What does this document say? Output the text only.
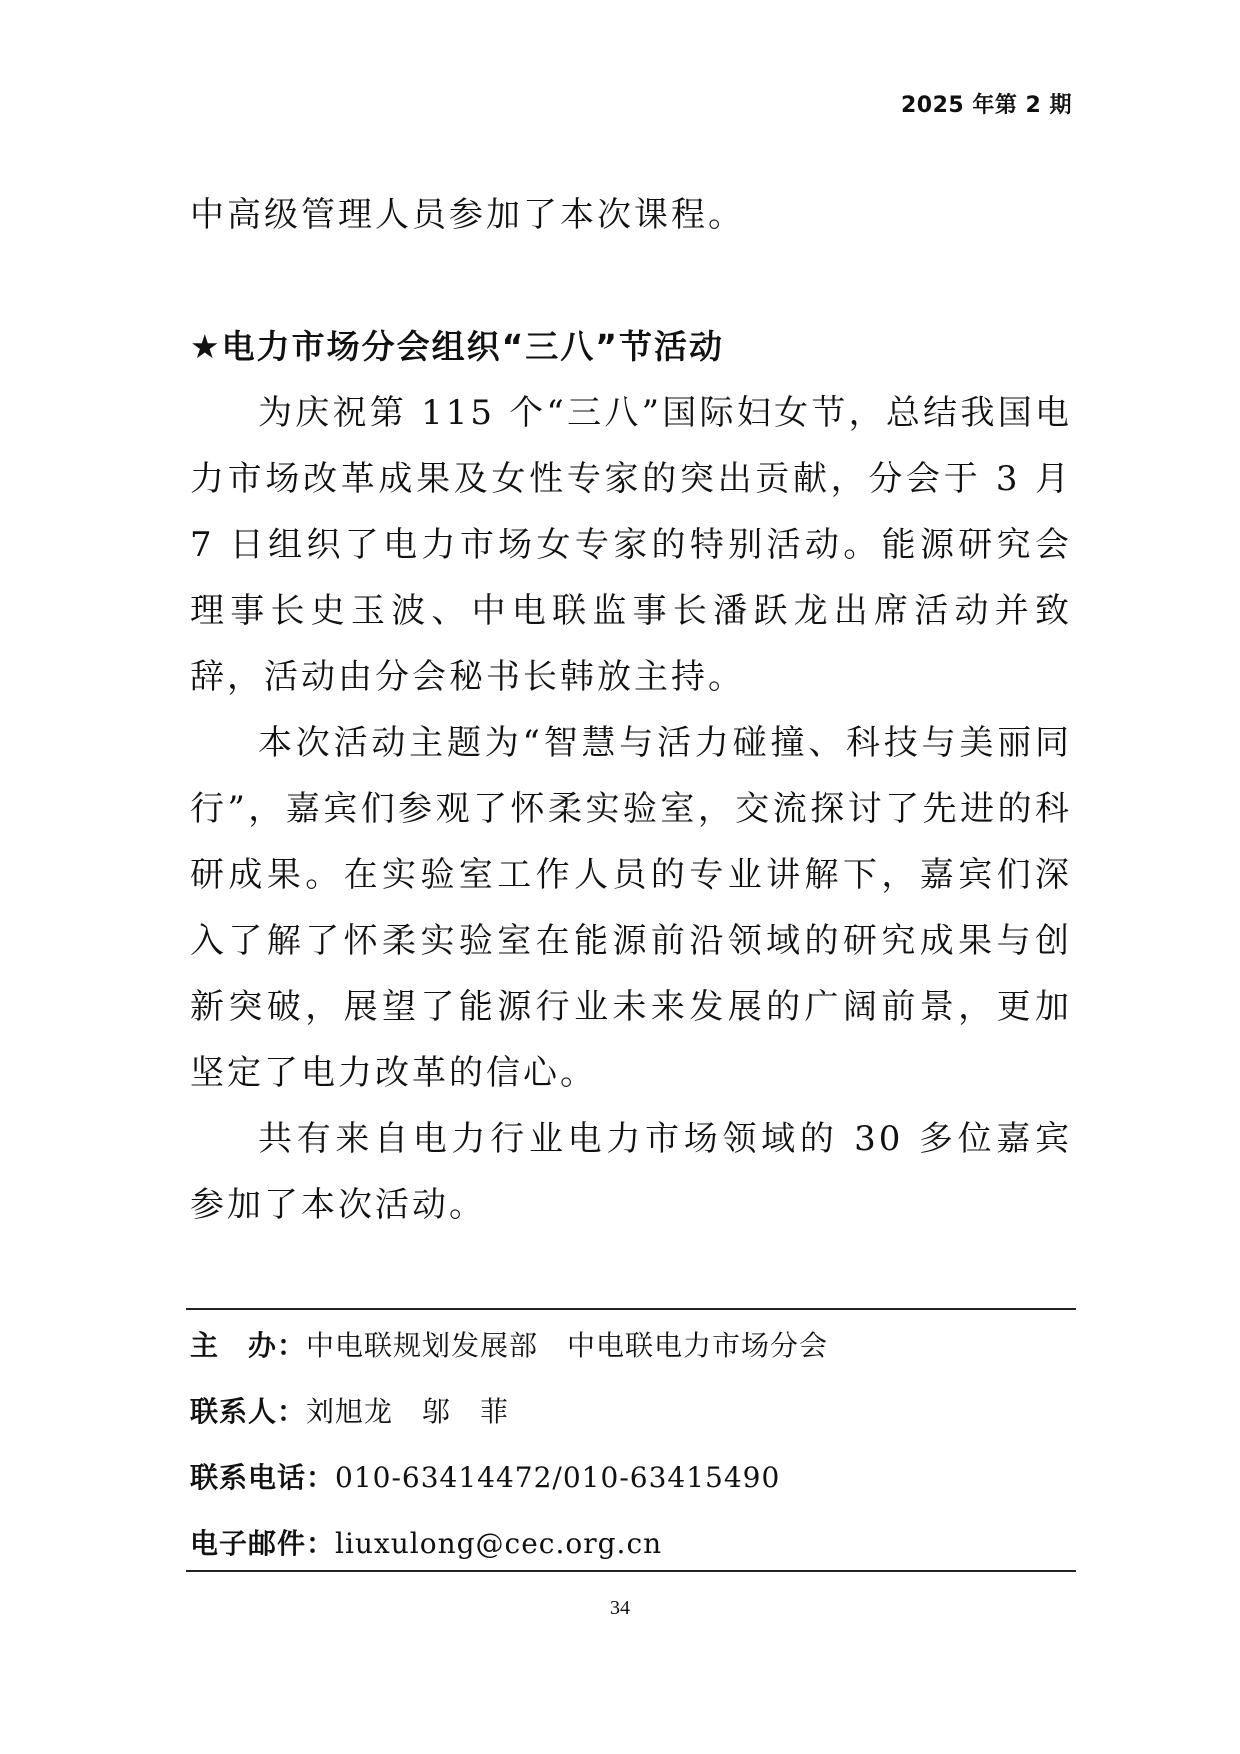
2025 年第 2 期

中高级管理人员参加了本次课程。

★电力市场分会组织“三八”节活动

为庆祝第 115 个“三八”国际妇女节，总结我国电力市场改革成果及女性专家的突出贡献，分会于 3 月 7 日组织了电力市场女专家的特别活动。能源研究会理事长史玉波、中电联监事长潘跃龙出席活动并致辞，活动由分会秘书长韩放主持。

本次活动主题为“智慧与活力碰撞、科技与美丽同行”，嘉宾们参观了怀柔实验室，交流探讨了先进的科研成果。在实验室工作人员的专业讲解下，嘉宾们深入了解了怀柔实验室在能源前沿领域的研究成果与创新突破，展望了能源行业未来发展的广阔前景，更加坚定了电力改革的信心。

共有来自电力行业电力市场领域的 30 多位嘉宾参加了本次活动。

主　办：中电联规划发展部　中电联电力市场分会
联系人：刘旭龙　邬　菲
联系电话：010-63414472/010-63415490
电子邮件：liuxulong@cec.org.cn
34
